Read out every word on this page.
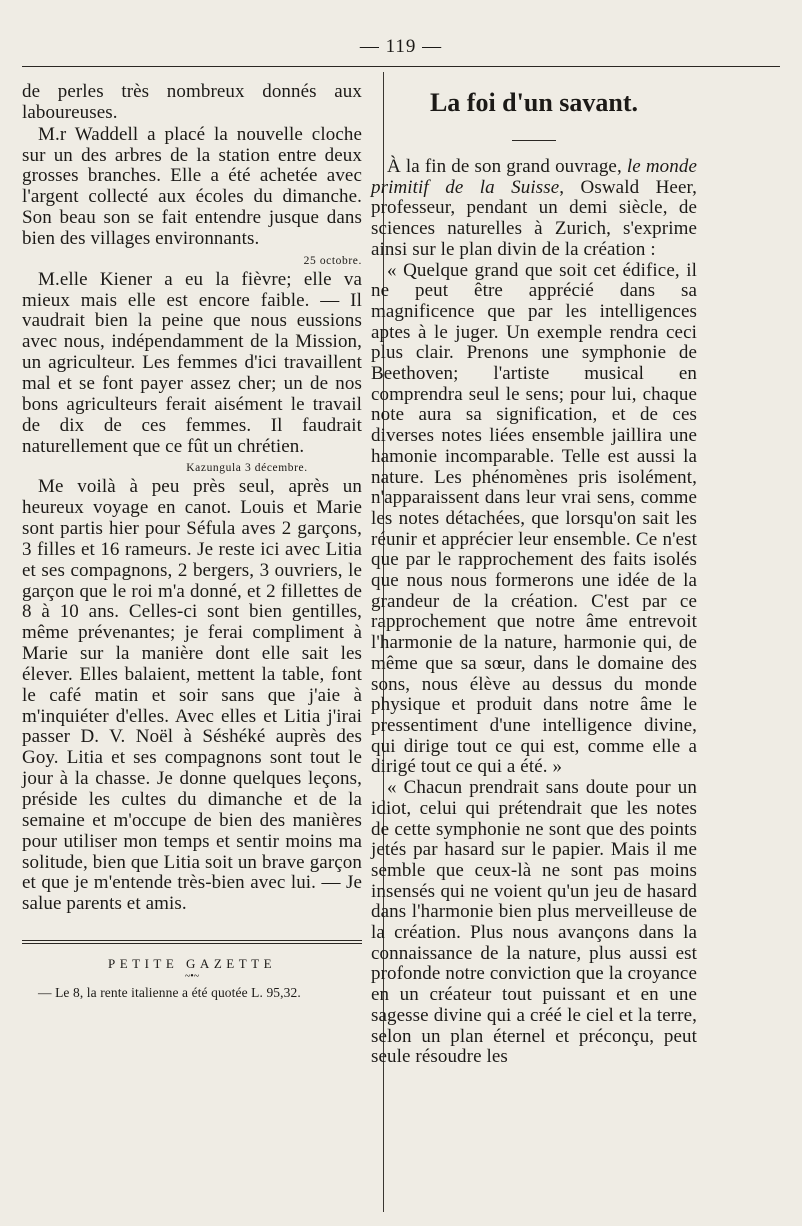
— 119 —

de perles très nombreux donnés aux laboureuses.

M.r Waddell a placé la nouvelle cloche sur un des arbres de la station entre deux grosses branches. Elle a été achetée avec l'argent collecté aux écoles du dimanche. Son beau son se fait entendre jusque dans bien des villages environnants.

25 octobre.

M.elle Kiener a eu la fièvre; elle va mieux mais elle est encore faible. — Il vaudrait bien la peine que nous eussions avec nous, indépendamment de la Mission, un agriculteur. Les femmes d'ici travaillent mal et se font payer assez cher; un de nos bons agriculteurs ferait aisément le travail de dix de ces femmes. Il faudrait naturellement que ce fût un chrétien.

Kazungula 3 décembre.

Me voilà à peu près seul, après un heureux voyage en canot. Louis et Marie sont partis hier pour Séfula aves 2 garçons, 3 filles et 16 rameurs. Je reste ici avec Litia et ses compagnons, 2 bergers, 3 ouvriers, le garçon que le roi m'a donné, et 2 fillettes de 8 à 10 ans. Celles-ci sont bien gentilles, même prévenantes; je ferai compliment à Marie sur la manière dont elle sait les élever. Elles balaient, mettent la table, font le café matin et soir sans que j'aie à m'inquiéter d'elles. Avec elles et Litia j'irai passer D. V. Noël à Séshéké auprès des Goy. Litia et ses compagnons sont tout le jour à la chasse. Je donne quelques leçons, préside les cultes du dimanche et de la semaine et m'occupe de bien des manières pour utiliser mon temps et sentir moins ma solitude, bien que Litia soit un brave garçon et que je m'entende très-bien avec lui. — Je salue parents et amis.

PETITE GAZETTE
~•~

— Le 8, la rente italienne a été quotée L. 95,32.

La foi d'un savant.

À la fin de son grand ouvrage, le monde primitif de la Suisse, Oswald Heer, professeur, pendant un demi siècle, de sciences naturelles à Zurich, s'exprime ainsi sur le plan divin de la création :

« Quelque grand que soit cet édifice, il ne peut être apprécié dans sa magnificence que par les intelligences aptes à le juger. Un exemple rendra ceci plus clair. Prenons une symphonie de Beethoven; l'artiste musical en comprendra seul le sens; pour lui, chaque note aura sa signification, et de ces diverses notes liées ensemble jaillira une hamonie incomparable. Telle est aussi la nature. Les phénomènes pris isolément, n'apparaissent dans leur vrai sens, comme les notes détachées, que lorsqu'on sait les réunir et apprécier leur ensemble. Ce n'est que par le rapprochement des faits isolés que nous nous formerons une idée de la grandeur de la création. C'est par ce rapprochement que notre âme entrevoit l'harmonie de la nature, harmonie qui, de même que sa sœur, dans le domaine des sons, nous élève au dessus du monde physique et produit dans notre âme le pressentiment d'une intelligence divine, qui dirige tout ce qui est, comme elle a dirigé tout ce qui a été. »

« Chacun prendrait sans doute pour un idiot, celui qui prétendrait que les notes de cette symphonie ne sont que des points jetés par hasard sur le papier. Mais il me semble que ceux-là ne sont pas moins insensés qui ne voient qu'un jeu de hasard dans l'harmonie bien plus merveilleuse de la création. Plus nous avançons dans la connaissance de la nature, plus aussi est profonde notre conviction que la croyance en un créateur tout puissant et en une sagesse divine qui a créé le ciel et la terre, selon un plan éternel et préconçu, peut seule résoudre les
